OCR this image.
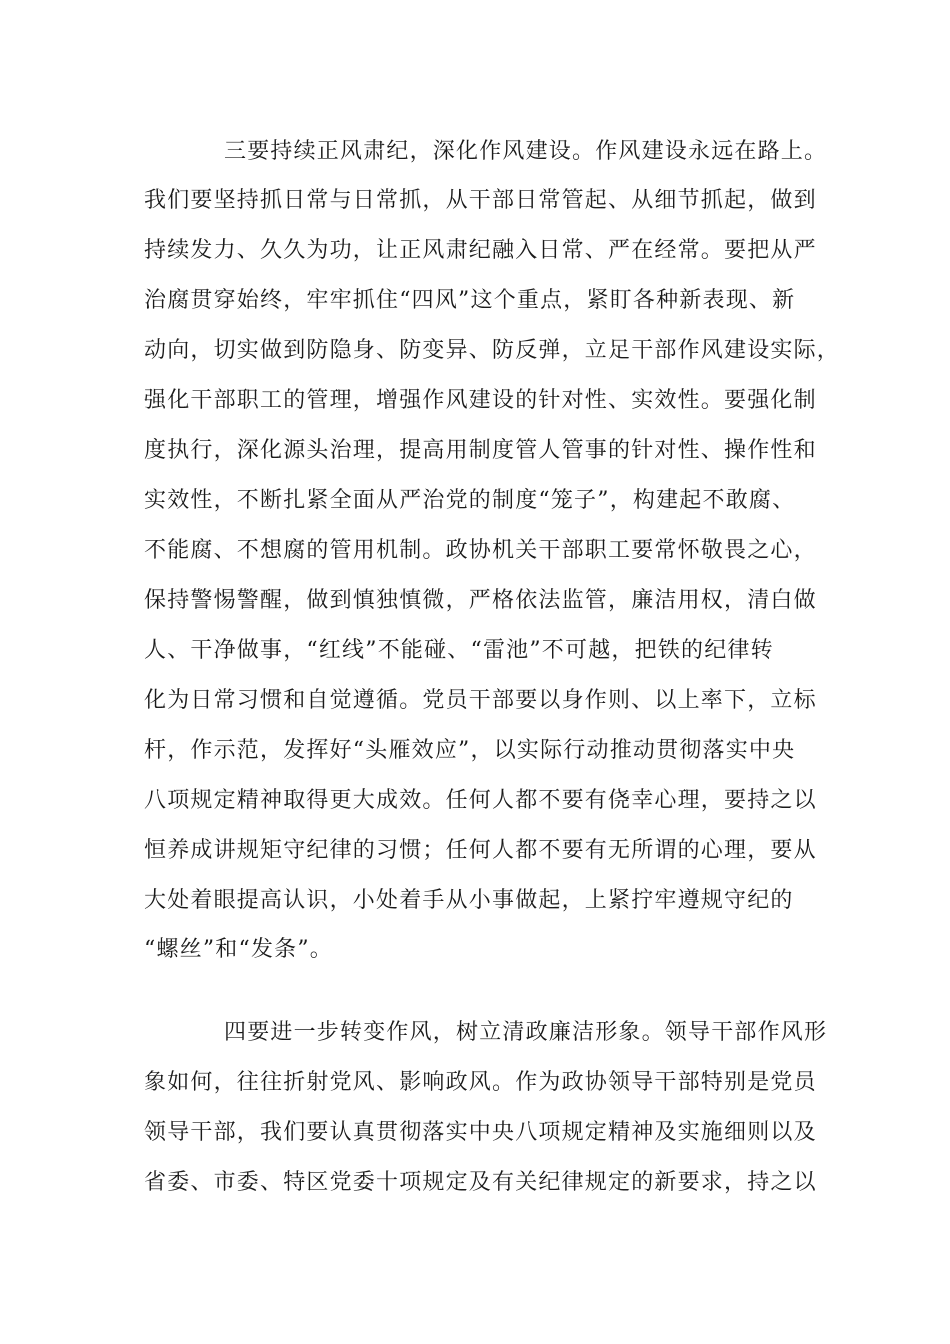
三要持续正风肃纪，深化作风建设。作风建设永远在路上。
我们要坚持抓日常与日常抓，从干部日常管起、从细节抓起，做到
持续发力、久久为功，让正风肃纪融入日常、严在经常。要把从严
治腐贯穿始终，牢牢抓住“四风”这个重点，紧盯各种新表现、新
动向，切实做到防隐身、防变异、防反弹，立足干部作风建设实际，
强化干部职工的管理，增强作风建设的针对性、实效性。要强化制
度执行，深化源头治理，提高用制度管人管事的针对性、操作性和
实效性，不断扎紧全面从严治党的制度“笼子”，构建起不敢腐、
不能腐、不想腐的管用机制。政协机关干部职工要常怀敬畏之心，
保持警惕警醒，做到慎独慎微，严格依法监管，廉洁用权，清白做
人、干净做事，“红线”不能碰、“雷池”不可越，把铁的纪律转
化为日常习惯和自觉遵循。党员干部要以身作则、以上率下，立标
杆，作示范，发挥好“头雁效应”，以实际行动推动贯彻落实中央
八项规定精神取得更大成效。任何人都不要有侥幸心理，要持之以
恒养成讲规矩守纪律的习惯；任何人都不要有无所谓的心理，要从
大处着眼提高认识，小处着手从小事做起，上紧拧牢遵规守纪的
“螺丝”和“发条”。
四要进一步转变作风，树立清政廉洁形象。领导干部作风形
象如何，往往折射党风、影响政风。作为政协领导干部特别是党员
领导干部，我们要认真贯彻落实中央八项规定精神及实施细则以及
省委、市委、特区党委十项规定及有关纪律规定的新要求，持之以
